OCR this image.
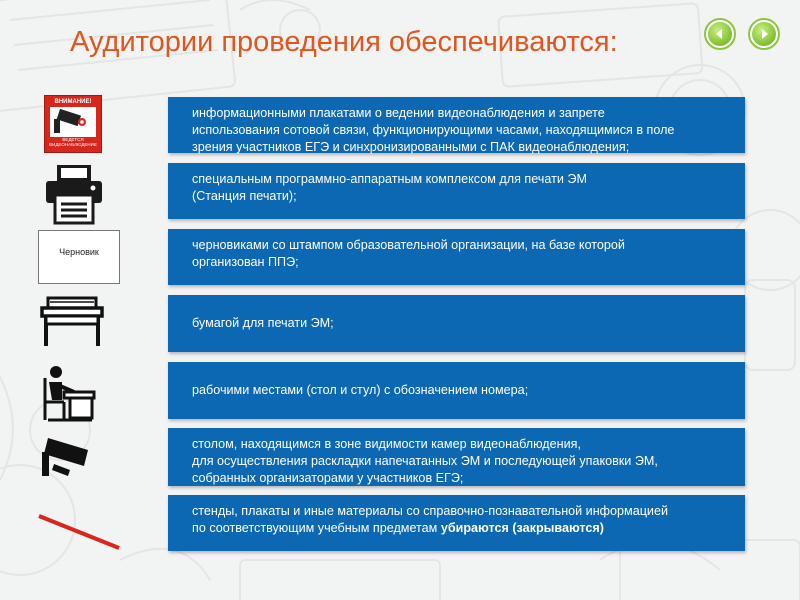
Аудитории проведения обеспечиваются:
ВНИМАНИЕ!
ВЕДЕТСЯ ВИДЕОНАБЛЮДЕНИЕ
Черновик
информационными плакатами о ведении видеонаблюдения и запрете
использования сотовой связи, функционирующими часами, находящимися в поле
зрения участников ЕГЭ и синхронизированными с ПАК видеонаблюдения;
специальным программно-аппаратным комплексом для печати ЭМ
(Станция печати);
черновиками со штампом образовательной организации, на базе которой
организован ППЭ;
бумагой для печати ЭМ;
рабочими местами (стол и стул) с обозначением номера;
столом, находящимся в зоне видимости камер видеонаблюдения,
для осуществления раскладки напечатанных ЭМ и последующей упаковки ЭМ,
собранных организаторами у участников ЕГЭ;
стенды, плакаты и иные материалы со справочно-познавательной информацией
по соответствующим учебным предметам убираются (закрываются)
